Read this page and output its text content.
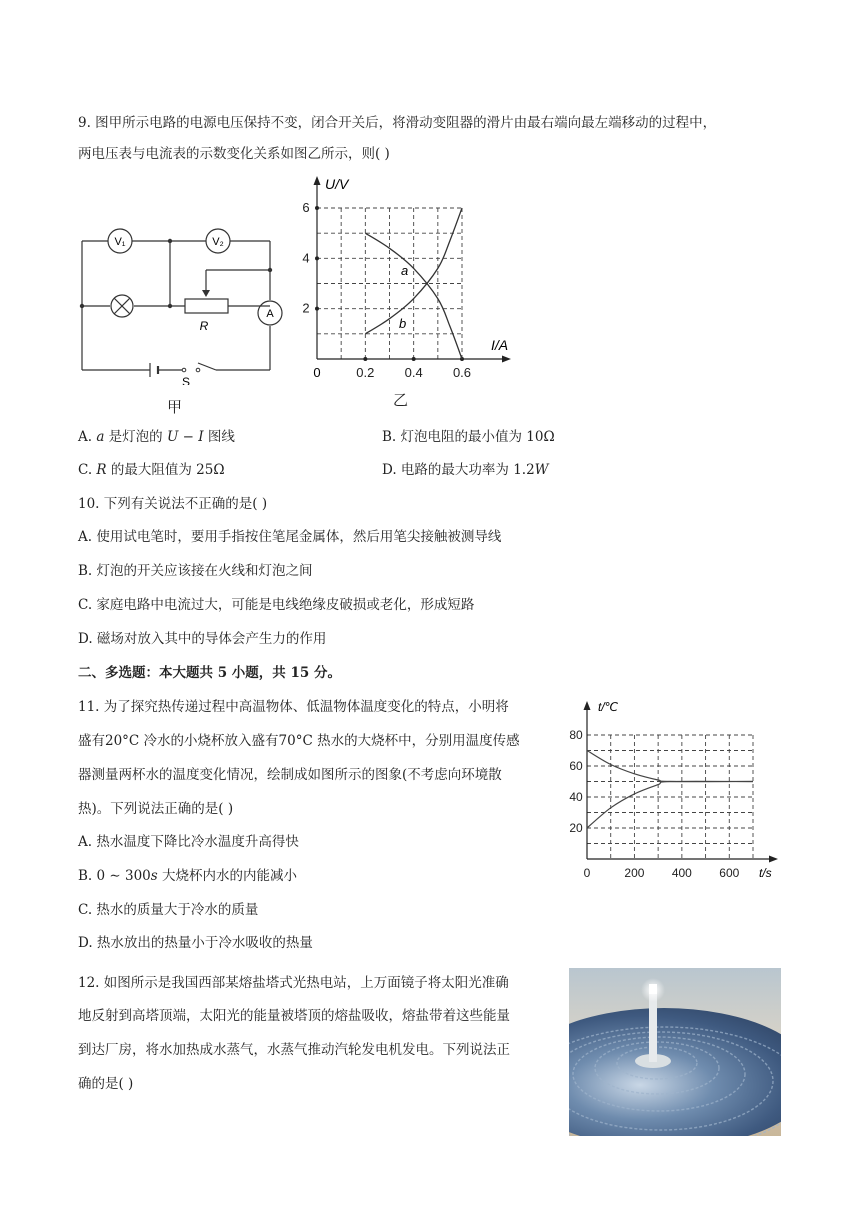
9. 图甲所示电路的电源电压保持不变，闭合开关后，将滑动变阻器的滑片由最右端向最左端移动的过程中，
两电压表与电流表的示数变化关系如图乙所示，则( )
V₁	V₂
A
R
S
甲
0.2 0.4 0.6
2
4
6
U/V
I/A
0
a
b
乙
A. 𝑎 是灯泡的 𝑈 − 𝐼 图线	B. 灯泡电阻的最小值为 10Ω
C. 𝑅 的最大阻值为 25Ω	D. 电路的最大功率为 1.2𝑊
10. 下列有关说法不正确的是( )
A. 使用试电笔时，要用手指按住笔尾金属体，然后用笔尖接触被测导线
B. 灯泡的开关应该接在火线和灯泡之间
C. 家庭电路中电流过大，可能是电线绝缘皮破损或老化，形成短路
D. 磁场对放入其中的导体会产生力的作用
二、多选题：本大题共 5 小题，共 15 分。
11. 为了探究热传递过程中高温物体、低温物体温度变化的特点，小明将
盛有20°C 冷水的小烧杯放入盛有70°C 热水的大烧杯中，分别用温度传感
器测量两杯水的温度变化情况，绘制成如图所示的图象(不考虑向环境散
热)。下列说法正确的是( )
A. 热水温度下降比冷水温度升高得快
B. 0 ∼ 300𝑠 大烧杯内水的内能减小
C. 热水的质量大于冷水的质量
D. 热水放出的热量小于冷水吸收的热量
20
40
60
80
0	200 400 600
t/℃
t/s
12. 如图所示是我国西部某熔盐塔式光热电站，上万面镜子将太阳光准确
地反射到高塔顶端，太阳光的能量被塔顶的熔盐吸收，熔盐带着这些能量
到达厂房，将水加热成水蒸气，水蒸气推动汽轮发电机发电。下列说法正
确的是( )
